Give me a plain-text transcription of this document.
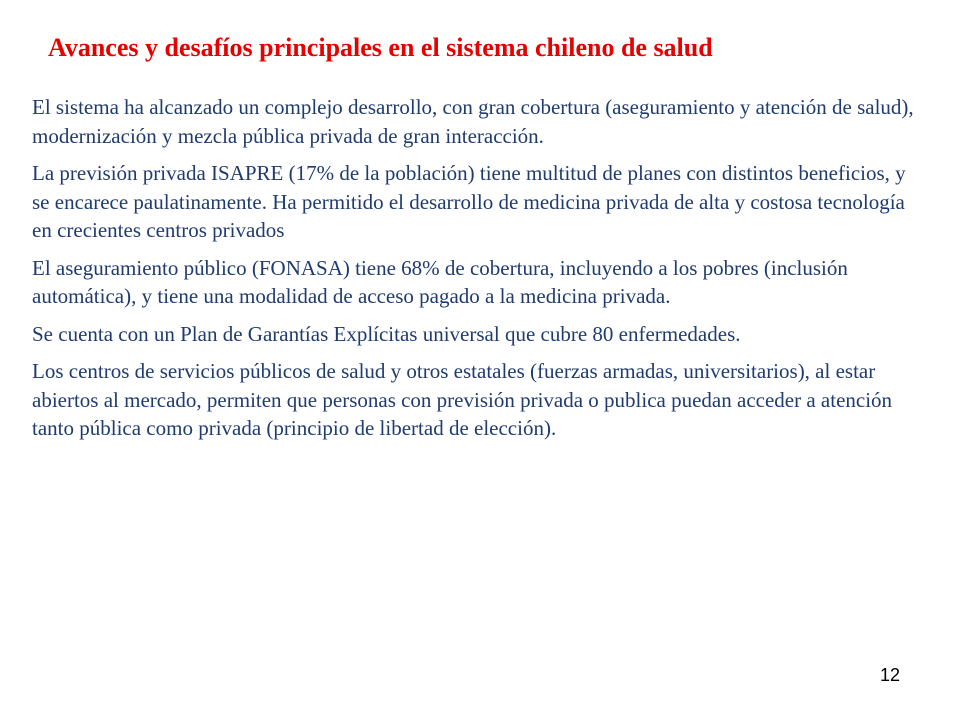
Avances y desafíos principales en el sistema chileno de salud

El sistema ha alcanzado un complejo desarrollo, con gran cobertura (aseguramiento y atención de salud), modernización y mezcla pública privada de gran interacción.

La previsión privada ISAPRE (17% de la población) tiene multitud de planes con distintos beneficios, y se encarece paulatinamente. Ha permitido el desarrollo de medicina privada de alta y costosa tecnología en crecientes centros privados

El aseguramiento público (FONASA) tiene 68% de cobertura, incluyendo a los pobres (inclusión automática), y tiene una modalidad de acceso pagado a la medicina privada.

Se cuenta con un Plan de Garantías Explícitas universal que cubre 80 enfermedades.

Los centros de servicios públicos de salud y otros estatales (fuerzas armadas, universitarios), al estar abiertos al mercado, permiten que personas con previsión privada o publica puedan acceder a atención tanto pública como privada (principio de libertad de elección).

12
